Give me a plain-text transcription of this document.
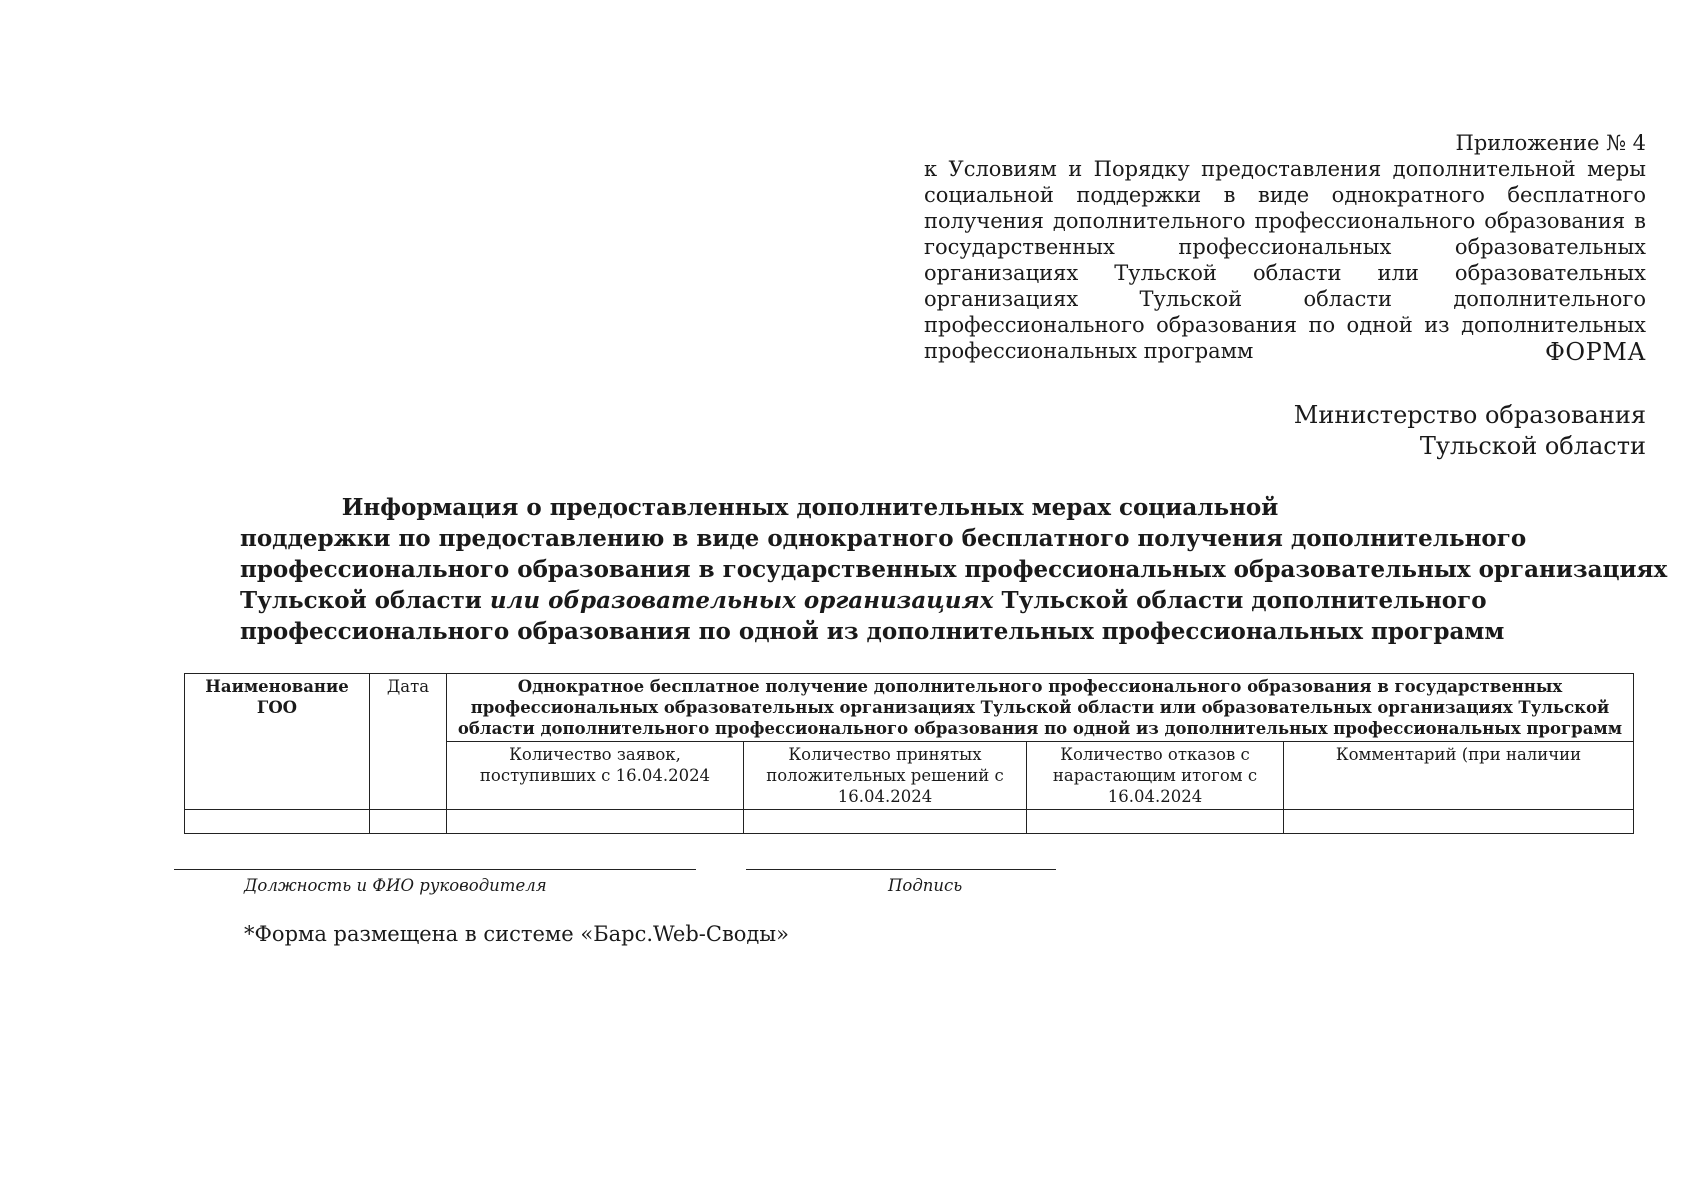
Приложение № 4
к Условиям и Порядку предоставления дополнительной меры социальной поддержки в виде однократного бесплатного получения дополнительного профессионального образования в государственных профессиональных образовательных организациях Тульской области или образовательных организациях Тульской области дополнительного профессионального образования по одной из дополнительных профессиональных программ	ФОРМА
Министерство образования
Тульской области
Информация о предоставленных дополнительных мерах социальной
поддержки по предоставлению в виде однократного бесплатного получения дополнительного
профессионального образования в государственных профессиональных образовательных организациях
Тульской области или образовательных организациях Тульской области дополнительного
профессионального образования по одной из дополнительных профессиональных программ
Наименование ГОО	Дата	Однократное бесплатное получение дополнительного профессионального образования в государственных профессиональных образовательных организациях Тульской области или образовательных организациях Тульской области дополнительного профессионального образования по одной из дополнительных профессиональных программ			
		Количество заявок, поступивших с 16.04.2024	Количество принятых положительных решений с 16.04.2024	Количество отказов с нарастающим итогом с 16.04.2024	Комментарий (при наличии

Должность и ФИО руководителя	Подпись
*Форма размещена в системе «Барс.Web-Своды»
